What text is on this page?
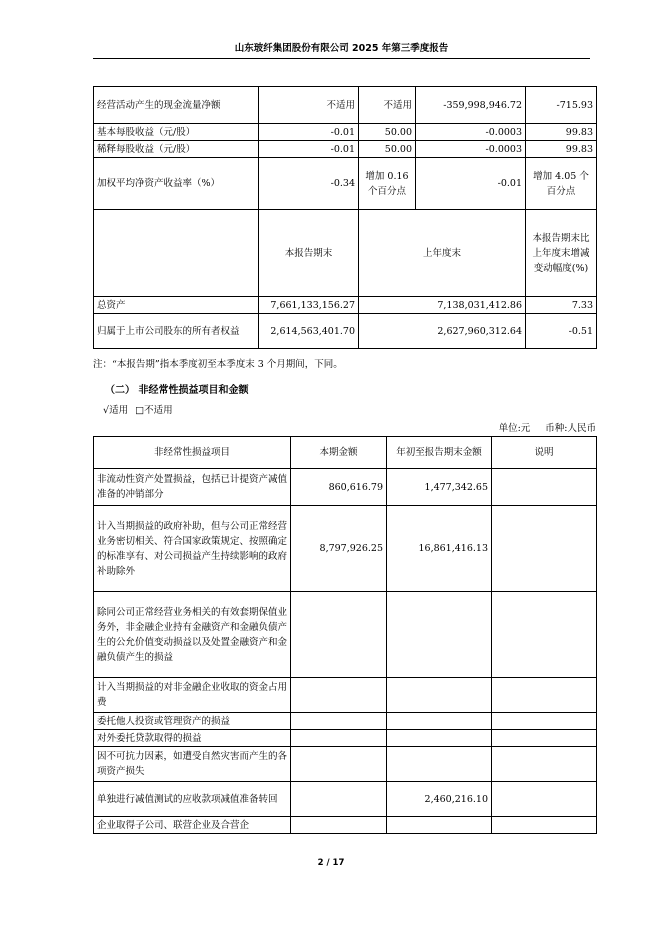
山东玻纤集团股份有限公司 2025 年第三季度报告
经营活动产生的现金流量净额	不适用	不适用	-359,998,946.72	-715.93
基本每股收益（元/股）	-0.01	50.00	-0.0003	99.83
稀释每股收益（元/股）	-0.01	50.00	-0.0003	99.83
加权平均净资产收益率（%）	-0.34	增加 0.16 个百分点	-0.01	增加 4.05 个百分点
	本报告期末	上年度末		本报告期末比上年度末增减变动幅度(%)
总资产	7,661,133,156.27	7,138,031,412.86		7.33
归属于上市公司股东的所有者权益	2,614,563,401.70	2,627,960,312.64		-0.51
注：“本报告期”指本季度初至本季度末 3 个月期间，下同。
（二） 非经常性损益项目和金额
√适用 □不适用
单位:元 币种:人民币
非经常性损益项目	本期金额	年初至报告期末金额	说明
非流动性资产处置损益，包括已计提资产减值准备的冲销部分	860,616.79	1,477,342.65	
计入当期损益的政府补助，但与公司正常经营业务密切相关、符合国家政策规定、按照确定的标准享有、对公司损益产生持续影响的政府补助除外	8,797,926.25	16,861,416.13	
除同公司正常经营业务相关的有效套期保值业务外，非金融企业持有金融资产和金融负债产生的公允价值变动损益以及处置金融资产和金融负债产生的损益			
计入当期损益的对非金融企业收取的资金占用费			
委托他人投资或管理资产的损益			
对外委托贷款取得的损益			
因不可抗力因素，如遭受自然灾害而产生的各项资产损失			
单独进行减值测试的应收款项减值准备转回		2,460,216.10	
企业取得子公司、联营企业及合营企			
2 / 17
